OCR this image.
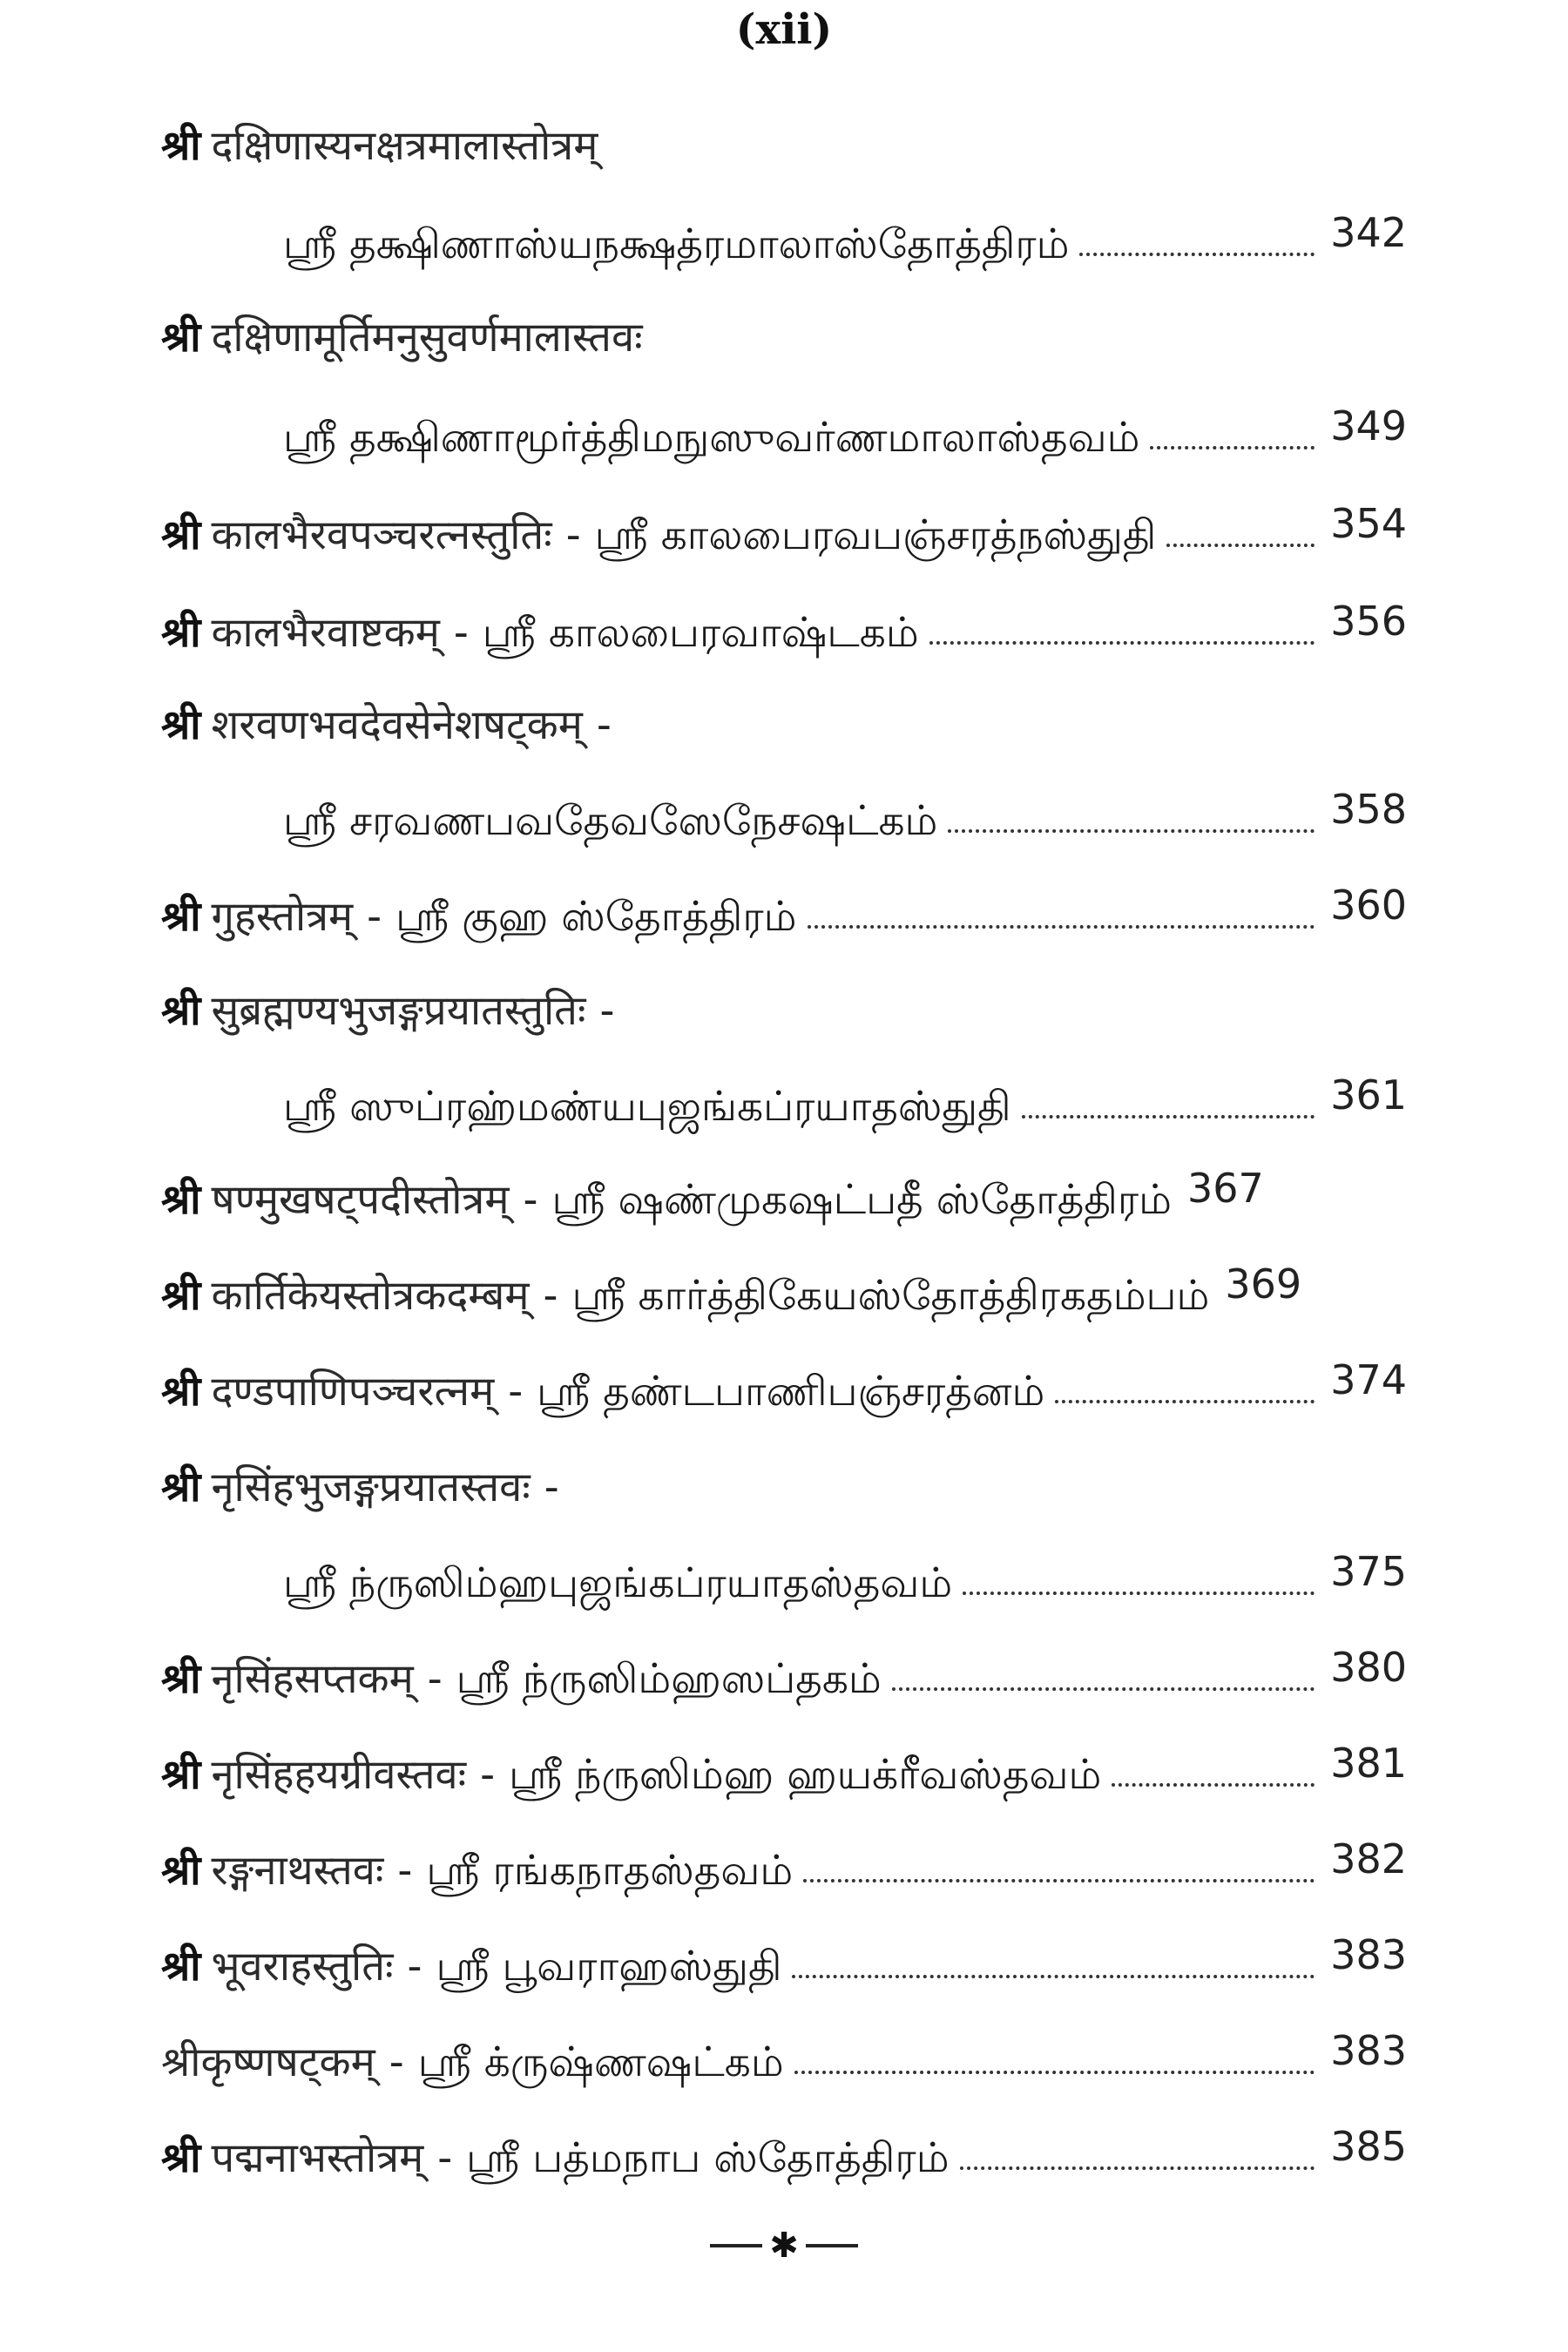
(xii)
श्री दक्षिणास्यनक्षत्रमालास्तोत्रम्
ஸ்ரீ தக்ஷிணாஸ்யநக்ஷத்ரமாலாஸ்தோத்திரம்	342
श्री दक्षिणामूर्तिमनुसुवर्णमालास्तवः
ஸ்ரீ தக்ஷிணாமூர்த்திமநுஸுவர்ணமாலாஸ்தவம்	349
श्री कालभैरवपञ्चरत्नस्तुतिः - ஸ்ரீ காலபைரவபஞ்சரத்நஸ்துதி	354
श्री कालभैरवाष्टकम् - ஸ்ரீ காலபைரவாஷ்டகம்	356
श्री शरवणभवदेवसेनेशषट्कम् -
ஸ்ரீ சரவணபவதேவஸேநேசஷட்கம்	358
श्री गुहस्तोत्रम् - ஸ்ரீ குஹ ஸ்தோத்திரம்	360
श्री सुब्रह्मण्यभुजङ्गप्रयातस्तुतिः -
ஸ்ரீ ஸுப்ரஹ்மண்யபுஜங்கப்ரயாதஸ்துதி	361
श्री षण्मुखषट्पदीस्तोत्रम् - ஸ்ரீ ஷண்முகஷட்பதீ ஸ்தோத்திரம் 367
श्री कार्तिकेयस्तोत्रकदम्बम् - ஸ்ரீ கார்த்திகேயஸ்தோத்திரகதம்பம் 369
श्री दण्डपाणिपञ्चरत्नम् - ஸ்ரீ தண்டபாணிபஞ்சரத்னம்	374
श्री नृसिंहभुजङ्गप्रयातस्तवः -
ஸ்ரீ ந்ருஸிம்ஹபுஜங்கப்ரயாதஸ்தவம்	375
श्री नृसिंहसप्तकम् - ஸ்ரீ ந்ருஸிம்ஹஸப்தகம்	380
श्री नृसिंहहयग्रीवस्तवः - ஸ்ரீ ந்ருஸிம்ஹ ஹயக்ரீவஸ்தவம்	381
श्री रङ्गनाथस्तवः - ஸ்ரீ ரங்கநாதஸ்தவம்	382
श्री भूवराहस्तुतिः - ஸ்ரீ பூவராஹஸ்துதி	383
श्रीकृष्णषट्कम् - ஸ்ரீ க்ருஷ்ணஷட்கம்	383
श्री पद्मनाभस्तोत्रम् - ஸ்ரீ பத்மநாப ஸ்தோத்திரம்	385
✱
